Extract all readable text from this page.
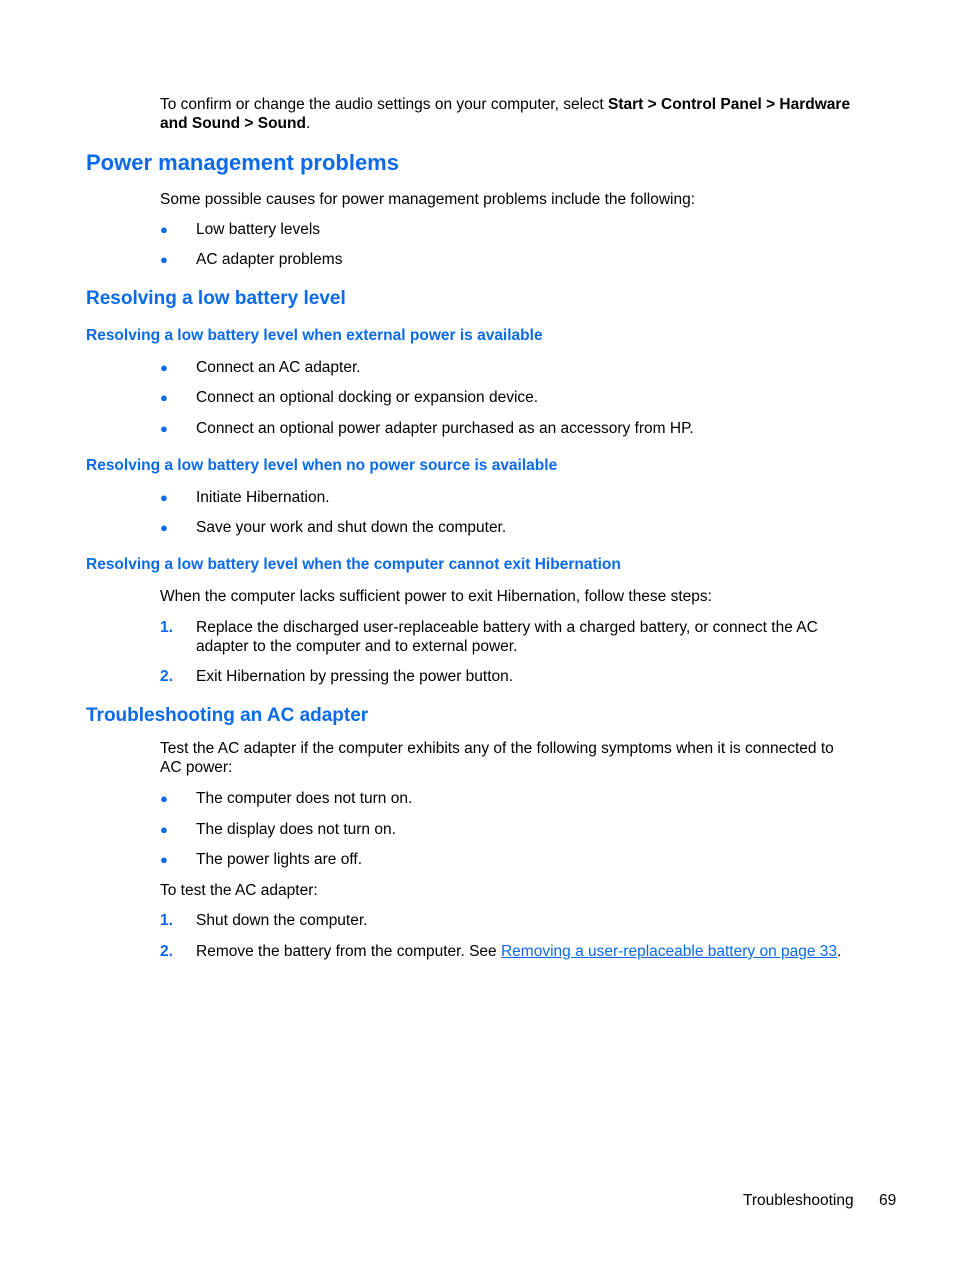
To confirm or change the audio settings on your computer, select Start > Control Panel > Hardware
and Sound > Sound.
Power management problems
Some possible causes for power management problems include the following:
● Low battery levels
● AC adapter problems
Resolving a low battery level
Resolving a low battery level when external power is available
● Connect an AC adapter.
● Connect an optional docking or expansion device.
● Connect an optional power adapter purchased as an accessory from HP.
Resolving a low battery level when no power source is available
● Initiate Hibernation.
● Save your work and shut down the computer.
Resolving a low battery level when the computer cannot exit Hibernation
When the computer lacks sufficient power to exit Hibernation, follow these steps:
1. Replace the discharged user-replaceable battery with a charged battery, or connect the AC
adapter to the computer and to external power.
2. Exit Hibernation by pressing the power button.
Troubleshooting an AC adapter
Test the AC adapter if the computer exhibits any of the following symptoms when it is connected to
AC power:
● The computer does not turn on.
● The display does not turn on.
● The power lights are off.
To test the AC adapter:
1. Shut down the computer.
2. Remove the battery from the computer. See Removing a user-replaceable battery on page 33.
Troubleshooting 69
